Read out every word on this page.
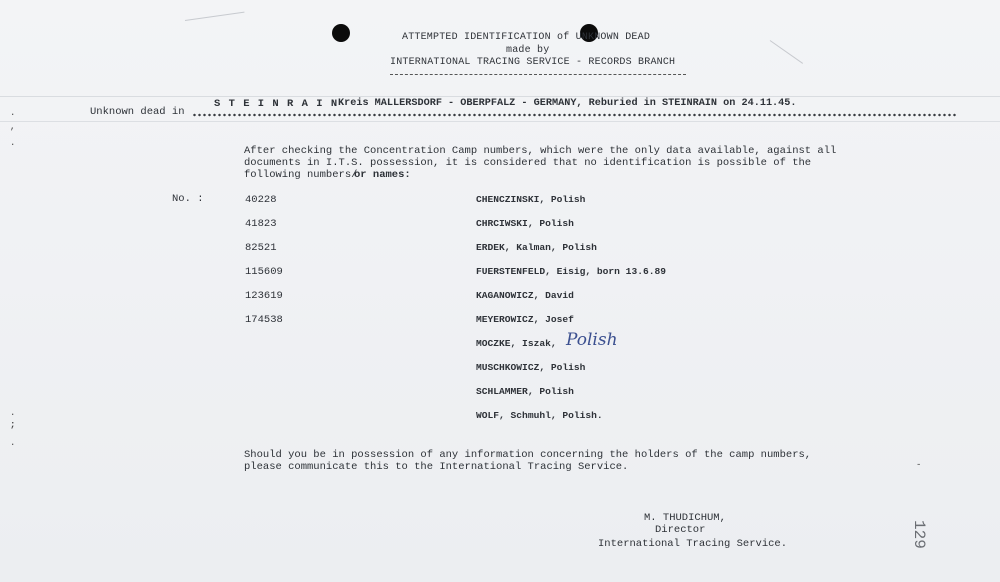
·
,
·
·
;
·
-
ATTEMPTED IDENTIFICATION of UNKNOWN DEAD
made by
INTERNATIONAL TRACING SERVICE - RECORDS BRANCH
Unknown dead in
S T E I N R A I N Kreis MALLERSDORF - OBERPFALZ - GERMANY, Reburied in STEINRAIN on 24.11.45.
After checking the Concentration Camp numbers, which were the only data available, against all
documents in I.T.S. possession, it is considered that no identification is possible of the
following numbers/
or names:
No. :	40228
41823
82521
115609
123619
174538
CHENCZINSKI, Polish
CHRCIWSKI, Polish
ERDEK, Kalman, Polish
FUERSTENFELD, Eisig, born 13.6.89
KAGANOWICZ, David
MEYEROWICZ, Josef
MOCZKE, Iszak, Polish
MUSCHKOWICZ, Polish
SCHLAMMER, Polish
WOLF, Schmuhl, Polish.
Should you be in possession of any information concerning the holders of the camp numbers,
please communicate this to the International Tracing Service.
M. THUDICHUM,
Director
International Tracing Service.	129
